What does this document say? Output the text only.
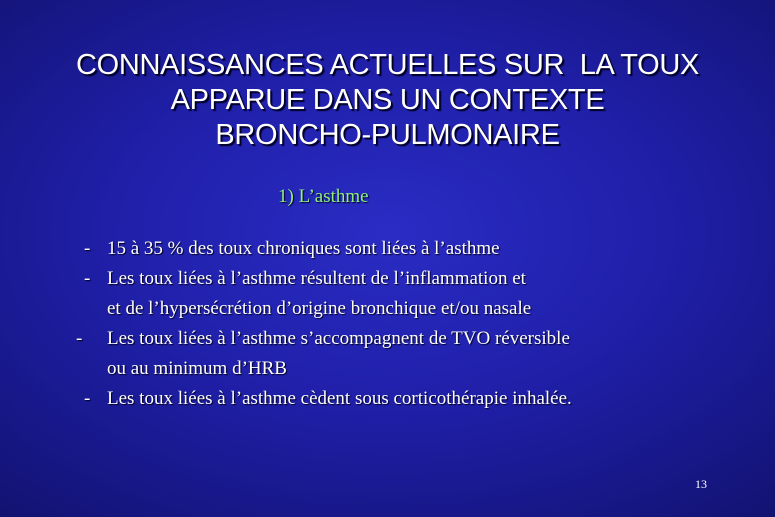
CONNAISSANCES ACTUELLES SUR  LA TOUX
APPARUE DANS UN CONTEXTE
BRONCHO-PULMONAIRE
1) L’asthme
- 15 à 35 % des toux chroniques sont liées à l’asthme
- Les toux liées à l’asthme résultent de l’inflammation et
et de l’hypersécrétion d’origine bronchique et/ou nasale
- Les toux liées à l’asthme s’accompagnent de TVO réversible
ou au minimum d’HRB
- Les toux liées à l’asthme cèdent sous corticothérapie inhalée.
13
